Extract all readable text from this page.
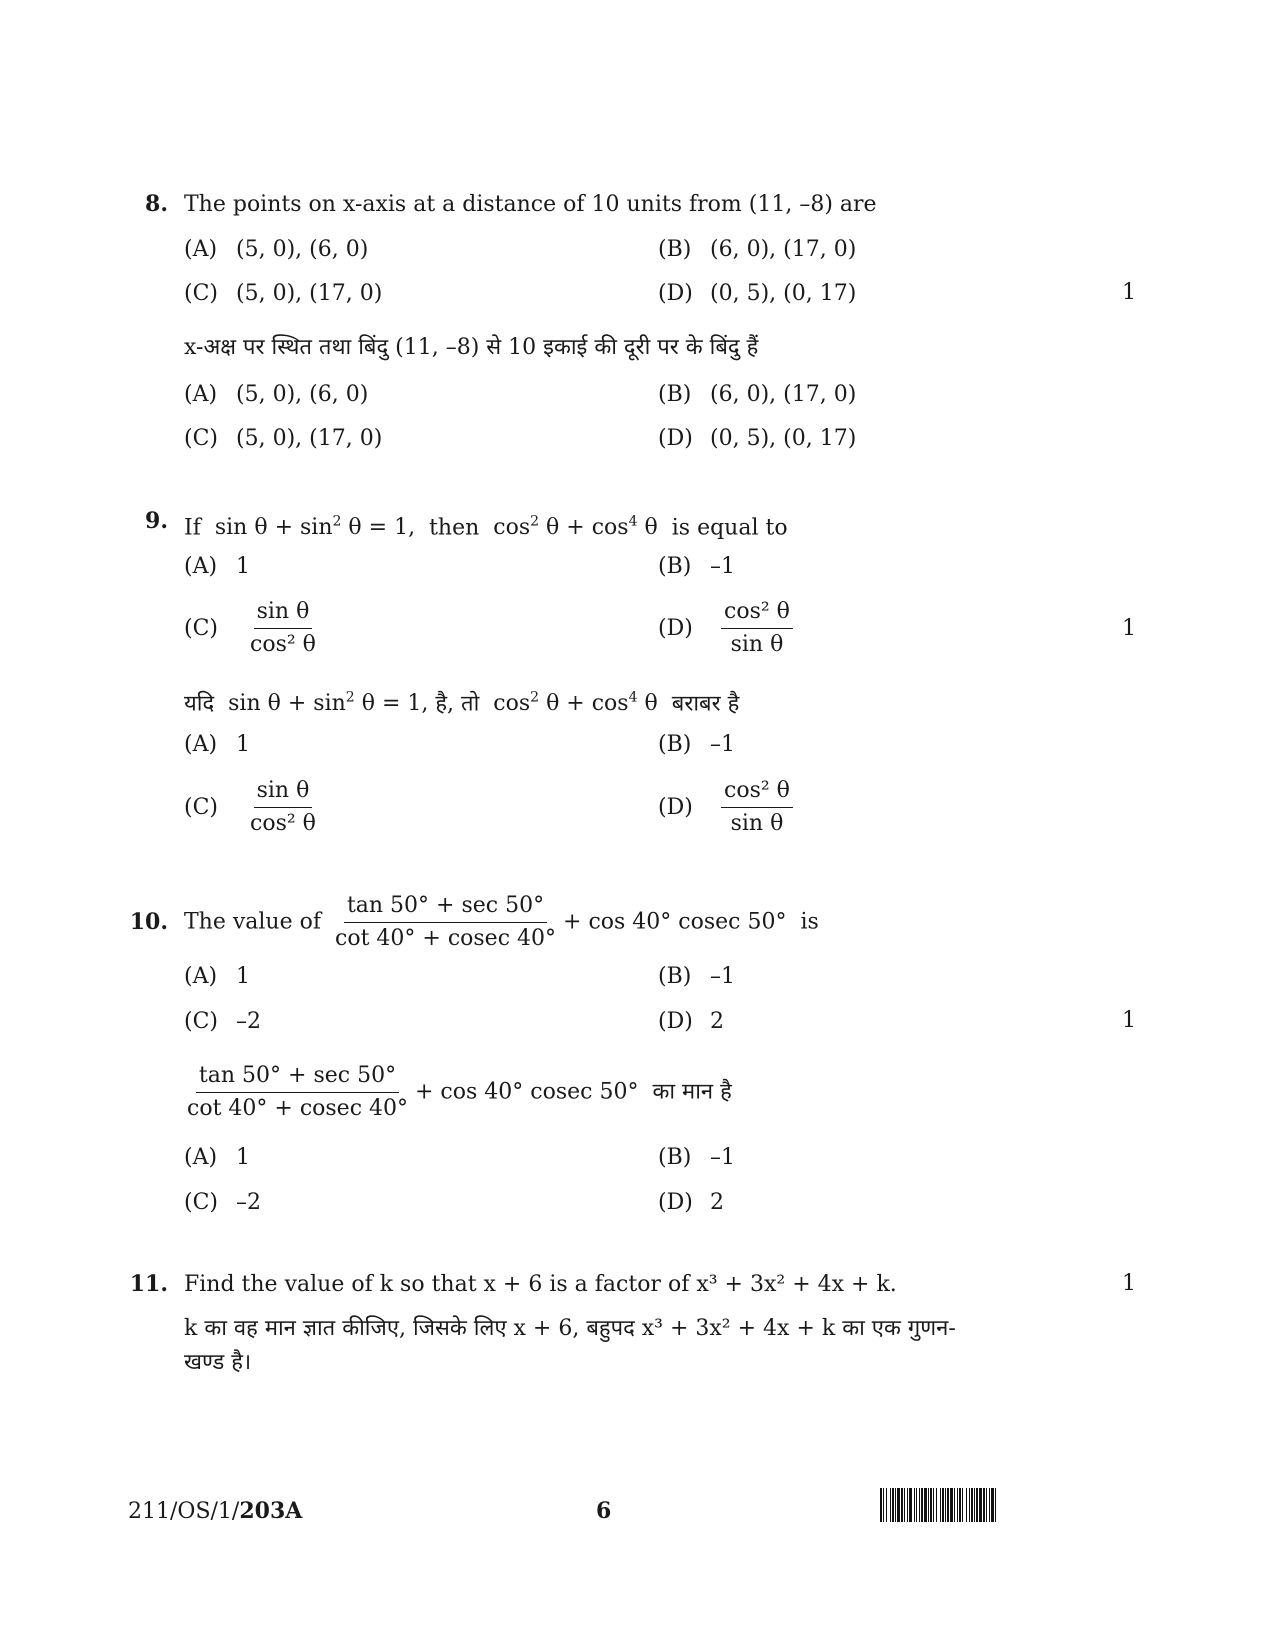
8. The points on x-axis at a distance of 10 units from (11, –8) are
(A) (5, 0), (6, 0)	(B) (6, 0), (17, 0)
(C) (5, 0), (17, 0)	(D) (0, 5), (0, 17)	1
x-अक्ष पर स्थित तथा बिंदु (11, –8) से 10 इकाई की दूरी पर के बिंदु हैं
(A) (5, 0), (6, 0)	(B) (6, 0), (17, 0)
(C) (5, 0), (17, 0)	(D) (0, 5), (0, 17)
9. If $\sin \theta + \sin^2 \theta = 1$, then $\cos^2 \theta + \cos^4 \theta$ is equal to
(A) 1	(B) –1
$(C) \frac{\text{sin θ}}{\text{cos² θ}}$	$(D) \frac{\text{cos² θ}}{\text{sin θ}}$	1
यदि $\sin \theta + \sin^2 \theta = 1$, है, तो $\cos^2 \theta + \cos^4 \theta$ बराबर है
(A) 1	(B) –1
$(C) \frac{\text{sin θ}}{\text{cos² θ}}$	$(D) \frac{\text{cos² θ}}{\text{sin θ}}$
10. The value of $\frac{\tan 50^\circ + \sec 50^\circ}{\cot 40^\circ + cosec 40^\circ} + \cos 40^\circ$ cosec 50° is
(A) 1	(B) –1
(C) –2	(D) 2	1
$\frac{\tan 50^\circ + \sec 50^\circ}{\cot 40^\circ + cosec 40^\circ} + \cos 40^\circ$ cosec 50° का मान है
(A) 1	(B) –1
(C) –2	(D) 2
11. Find the value of k so that x + 6 is a factor of x³ + 3x² + 4x + k.	1
k का वह मान ज्ञात कीजिए, जिसके लिए x + 6, बहुपद x³ + 3x² + 4x + k का एक गुणन-
खण्ड है।
211/OS/1/203A	6
